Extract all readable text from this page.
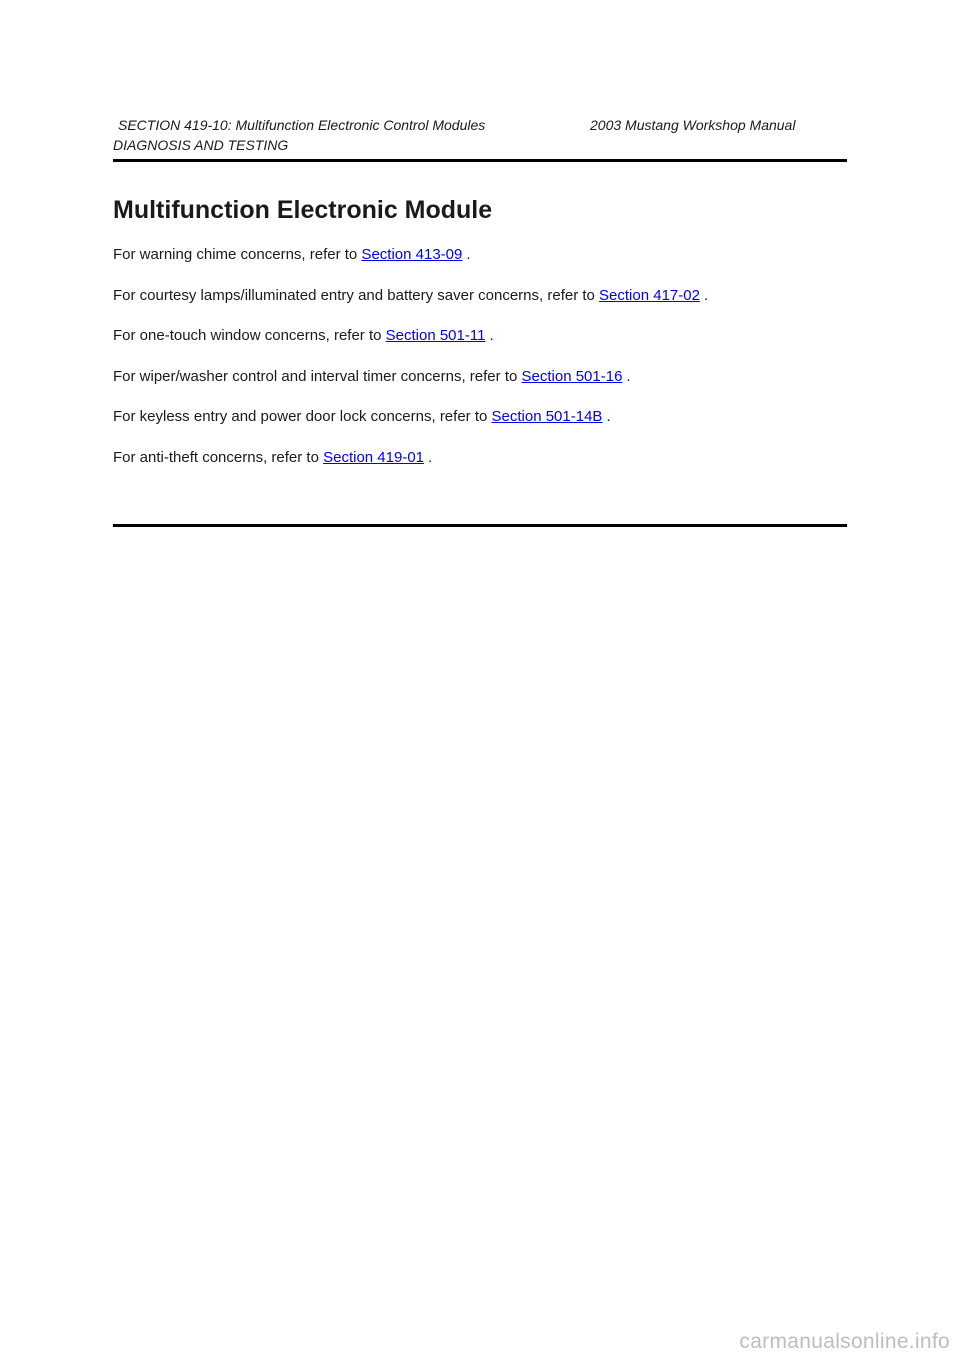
SECTION 419-10: Multifunction Electronic Control Modules	2003 Mustang Workshop Manual
DIAGNOSIS AND TESTING
Multifunction Electronic Module

For warning chime concerns, refer to Section 413-09 .

For courtesy lamps/illuminated entry and battery saver concerns, refer to Section 417-02 .

For one-touch window concerns, refer to Section 501-11 .

For wiper/washer control and interval timer concerns, refer to Section 501-16 .

For keyless entry and power door lock concerns, refer to Section 501-14B .

For anti-theft concerns, refer to Section 419-01 .

carmanualsonline.info
